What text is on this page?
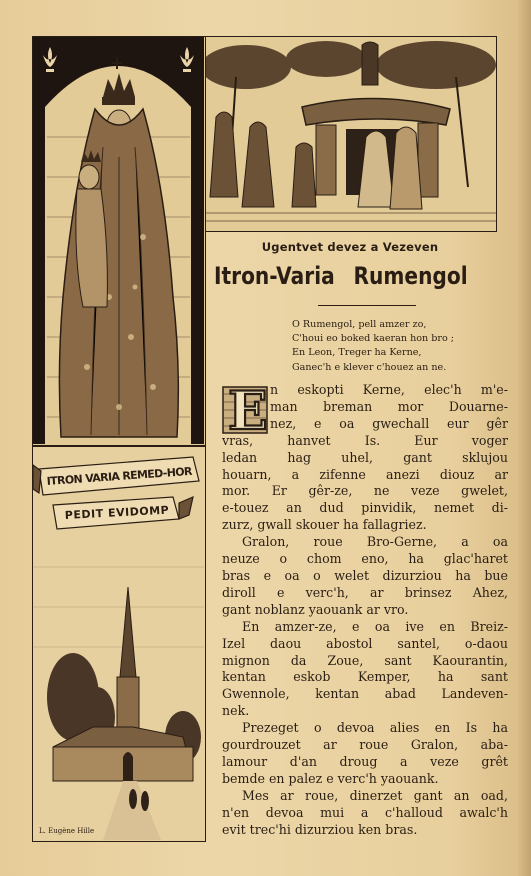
ITRON VARIA REMED-HOR
PEDIT EVIDOMP
L. Eugène Hille
Ugentvet devez a Vezeven
Itron-Varia Rumengol
O Rumengol, pell amzer zo,
C'houi eo boked kaeran hon bro ;
En Leon, Treger ha Kerne,
Ganec'h e klever c'houez an ne.
E n eskopti Kerne, elec'h m'e-
man breman mor Douarne-
nez, e oa gwechall eur gêr
vras, hanvet Is. Eur voger
ledan hag uhel, gant sklujou
houarn, a zifenne anezi diouz ar
mor. Er gêr-ze, ne veze gwelet,
e-touez an dud pinvidik, nemet di-
zurz, gwall skouer ha fallagriez.
Gralon, roue Bro-Gerne, a oa
neuze o chom eno, ha glac'haret
bras e oa o welet dizurziou ha bue
diroll e verc'h, ar brinsez Ahez,
gant noblanz yaouank ar vro.
En amzer-ze, e oa ive en Breiz-
Izel daou abostol santel, o-daou
mignon da Zoue, sant Kaourantin,
kentan eskob Kemper, ha sant
Gwennole, kentan abad Landeven-
nek.
Prezeget o devoa alies en Is ha
gourdrouzet ar roue Gralon, aba-
lamour d'an droug a veze grêt
bemde en palez e verc'h yaouank.
Mes ar roue, dinerzet gant an oad,
n'en devoa mui a c'halloud awalc'h
evit trec'hi dizurziou ken bras.
